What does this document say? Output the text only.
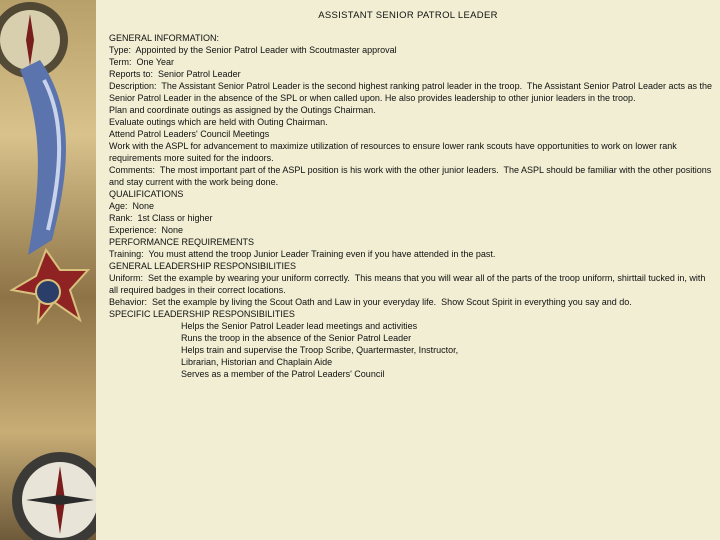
ASSISTANT SENIOR PATROL LEADER
GENERAL INFORMATION:
Type:  Appointed by the Senior Patrol Leader with Scoutmaster approval
Term:  One Year
Reports to:  Senior Patrol Leader
Description:  The Assistant Senior Patrol Leader is the second highest ranking patrol leader in the troop.  The Assistant Senior Patrol Leader acts as the Senior Patrol Leader in the absence of the SPL or when called upon. He also provides leadership to other junior leaders in the troop.
Plan and coordinate outings as assigned by the Outings Chairman.
Evaluate outings which are held with Outing Chairman.
Attend Patrol Leaders' Council Meetings
Work with the ASPL for advancement to maximize utilization of resources to ensure lower rank scouts have opportunities to work on lower rank requirements more suited for the indoors.
Comments:  The most important part of the ASPL position is his work with the other junior leaders.  The ASPL should be familiar with the other positions and stay current with the work being done.
QUALIFICATIONS
Age:  None
Rank:  1st Class or higher
Experience:  None
PERFORMANCE REQUIREMENTS
Training:  You must attend the troop Junior Leader Training even if you have attended in the past.
GENERAL LEADERSHIP RESPONSIBILITIES
Uniform:  Set the example by wearing your uniform correctly.  This means that you will wear all of the parts of the troop uniform, shirttail tucked in, with all required badges in their correct locations.
Behavior:  Set the example by living the Scout Oath and Law in your everyday life.  Show Scout Spirit in everything you say and do.
SPECIFIC LEADERSHIP RESPONSIBILITIES
Helps the Senior Patrol Leader lead meetings and activities
Runs the troop in the absence of the Senior Patrol Leader
Helps train and supervise the Troop Scribe, Quartermaster, Instructor,
Librarian, Historian and Chaplain Aide
Serves as a member of the Patrol Leaders' Council
